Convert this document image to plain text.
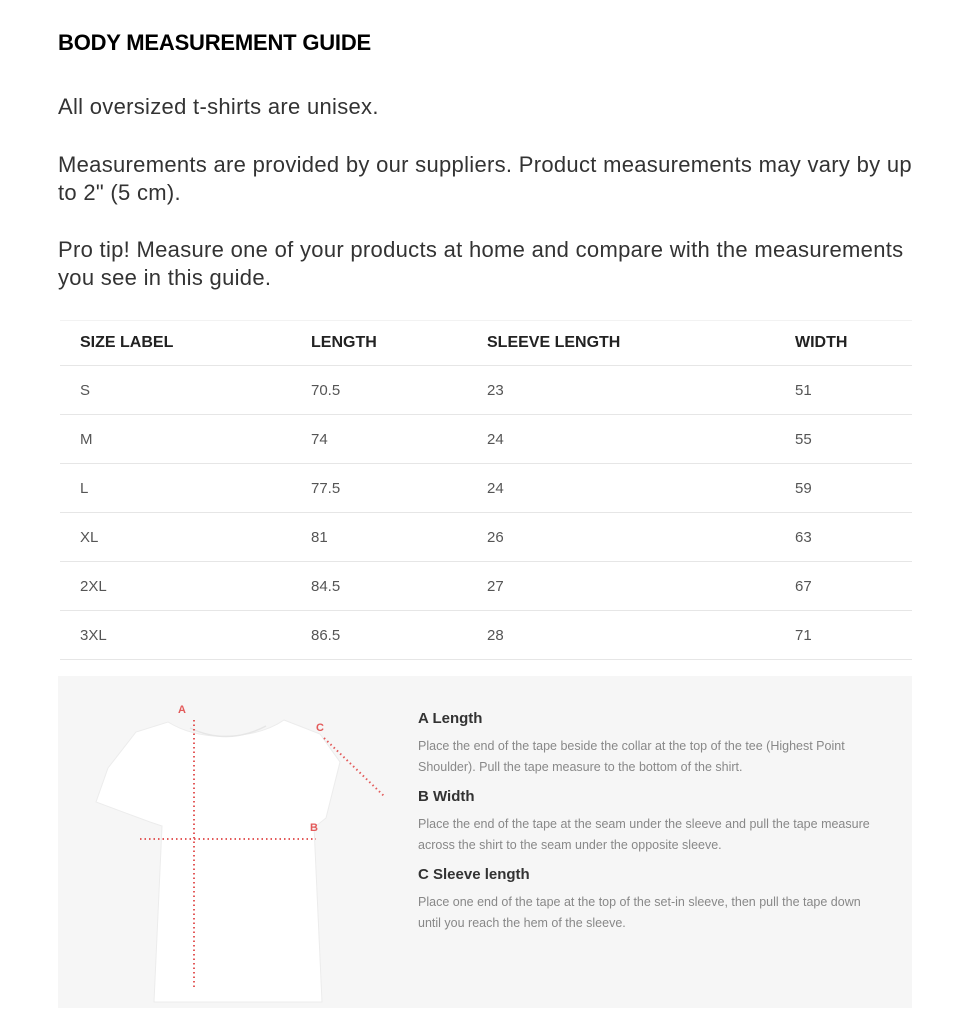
BODY MEASUREMENT GUIDE
All oversized t-shirts are unisex.
Measurements are provided by our suppliers. Product measurements may vary by up to 2" (5 cm).
Pro tip! Measure one of your products at home and compare with the measurements you see in this guide.
SIZE LABEL	LENGTH	SLEEVE LENGTH	WIDTH
S	70.5	23	51
M	74	24	55
L	77.5	24	59
XL	81	26	63
2XL	84.5	27	67
3XL	86.5	28	71
A
B
C

A Length

Place the end of the tape beside the collar at the top of the tee (Highest Point Shoulder). Pull the tape measure to the bottom of the shirt.

B Width

Place the end of the tape at the seam under the sleeve and pull the tape measure across the shirt to the seam under the opposite sleeve.

C Sleeve length

Place one end of the tape at the top of the set-in sleeve, then pull the tape down until you reach the hem of the sleeve.
